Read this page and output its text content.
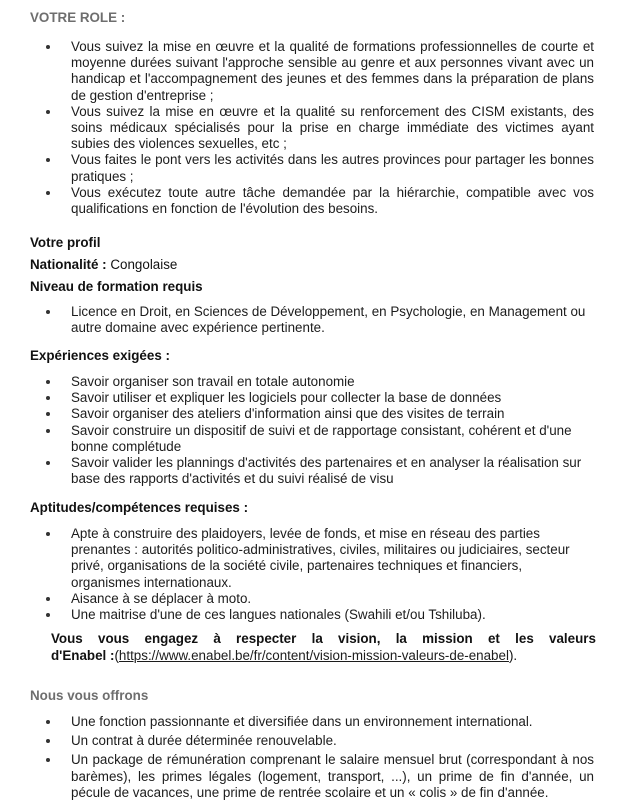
VOTRE ROLE :
Vous suivez la mise en œuvre et la qualité de formations professionnelles de courte et moyenne durées suivant l'approche sensible au genre et aux personnes vivant avec un handicap et l'accompagnement des jeunes et des femmes dans la préparation de plans de gestion d'entreprise ;
Vous suivez la mise en œuvre et la qualité su renforcement des CISM existants, des soins médicaux spécialisés pour la prise en charge immédiate des victimes ayant subies des violences sexuelles, etc ;
Vous faites le pont vers les activités dans les autres provinces pour partager les bonnes pratiques ;
Vous exécutez toute autre tâche demandée par la hiérarchie, compatible avec vos qualifications en fonction de l'évolution des besoins.
Votre profil
Nationalité : Congolaise
Niveau de formation requis
Licence en Droit, en Sciences de Développement, en Psychologie, en Management ou autre domaine avec expérience pertinente.
Expériences exigées :
Savoir organiser son travail en totale autonomie
Savoir utiliser et expliquer les logiciels pour collecter la base de données
Savoir organiser des ateliers d'information ainsi que des visites de terrain
Savoir construire un dispositif de suivi et de rapportage consistant, cohérent et d'une bonne complétude
Savoir valider les plannings d'activités des partenaires et en analyser la réalisation sur base des rapports d'activités et du suivi réalisé de visu
Aptitudes/compétences requises :
Apte à construire des plaidoyers, levée de fonds, et mise en réseau des parties prenantes : autorités politico-administratives, civiles, militaires ou judiciaires, secteur privé, organisations de la société civile, partenaires techniques et financiers, organismes internationaux.
Aisance à se déplacer à moto.
Une maitrise d'une de ces langues nationales (Swahili et/ou Tshiluba).
Vous vous engagez à respecter la vision, la mission et les valeurs
d'Enabel :(https://www.enabel.be/fr/content/vision-mission-valeurs-de-enabel).
Nous vous offrons
Une fonction passionnante et diversifiée dans un environnement international.
Un contrat à durée déterminée renouvelable.
Un package de rémunération comprenant le salaire mensuel brut (correspondant à nos barèmes), les primes légales (logement, transport, ...), un prime de fin d'année, un pécule de vacances, une prime de rentrée scolaire et un « colis » de fin d'année.
